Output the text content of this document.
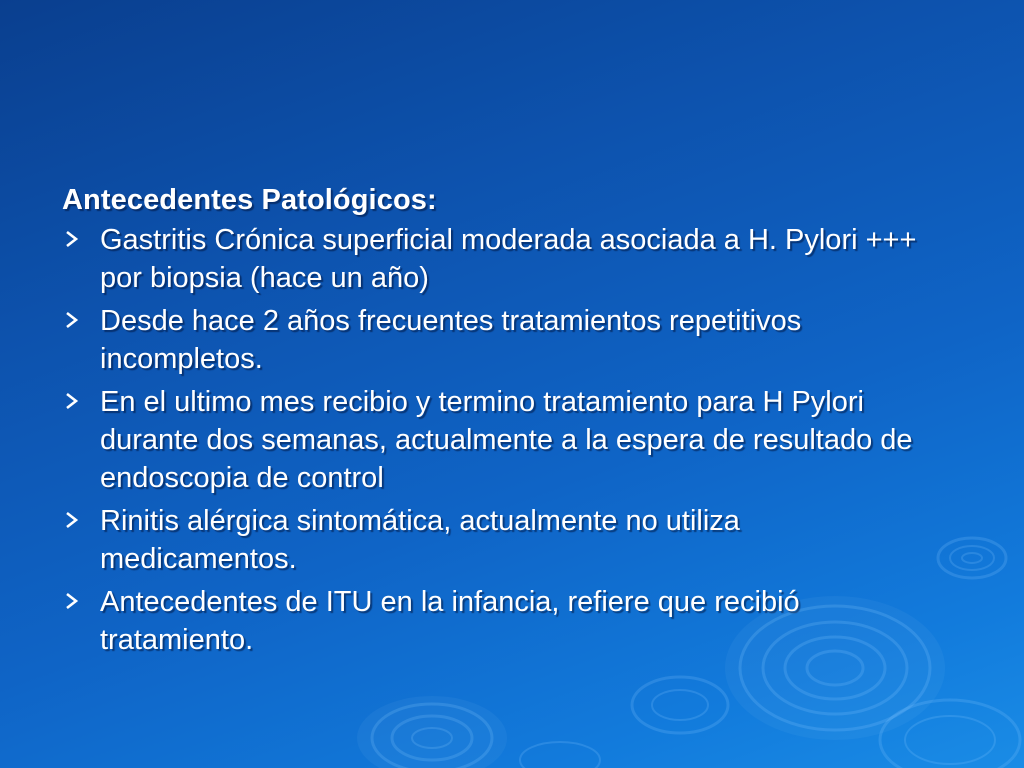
Antecedentes Patológicos:
Gastritis Crónica superficial moderada asociada a H. Pylori +++ por biopsia (hace un año)
Desde hace 2 años frecuentes tratamientos repetitivos incompletos.
En el ultimo mes recibio y termino tratamiento para H Pylori durante dos semanas, actualmente a la espera de resultado de endoscopia de control
Rinitis alérgica sintomática, actualmente no utiliza medicamentos.
Antecedentes de ITU en la infancia, refiere que recibió tratamiento.
